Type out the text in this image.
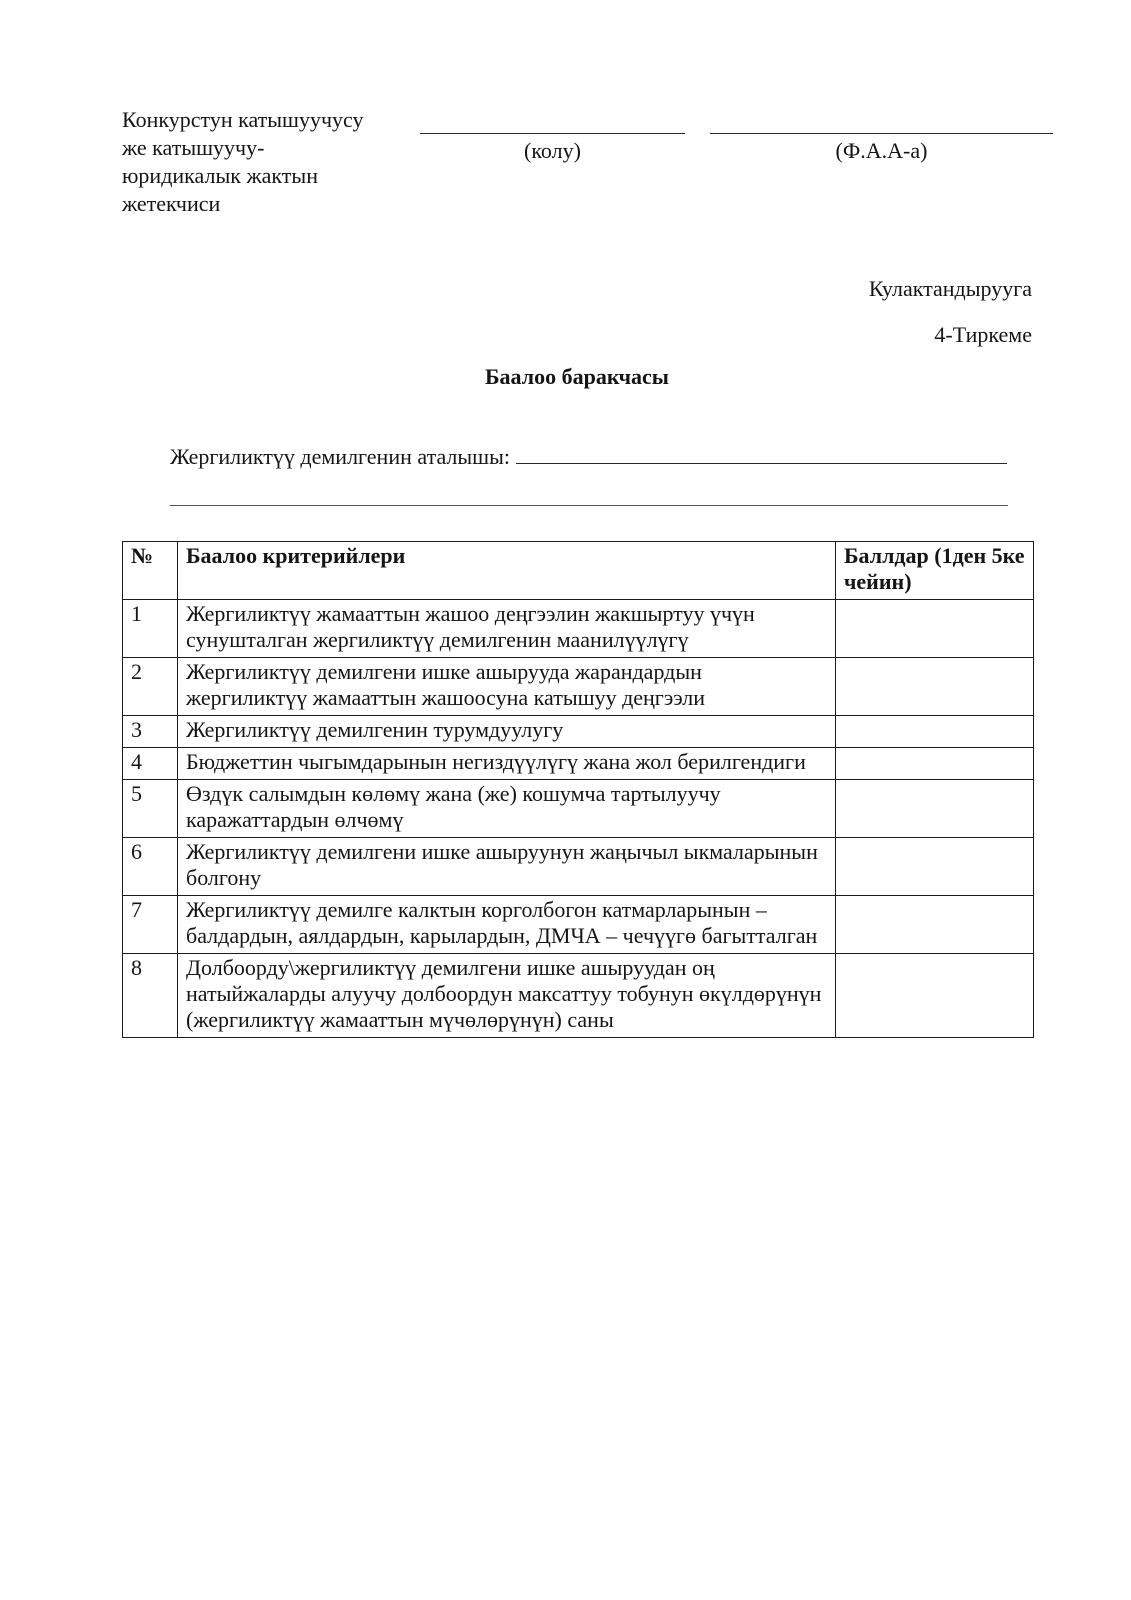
Конкурстун катышуучусу
же катышуучу-
юридикалык жактын
жетекчиси
(колу)	(Ф.А.А-а)
Кулактандырууга
4-Тиркеме
Баалоо баракчасы
Жергиликтүү демилгенин аталышы:
№	Баалоо критерийлери	Баллдар (1ден 5ке чейин)
1	Жергиликтүү жамааттын жашоо деңгээлин жакшыртуу үчүн сунушталган жергиликтүү демилгенин маанилүүлүгү	
2	Жергиликтүү демилгени ишке ашырууда жарандардын жергиликтүү жамааттын жашоосуна катышуу деңгээли	
3	Жергиликтүү демилгенин турумдуулугу	
4	Бюджеттин чыгымдарынын негиздүүлүгү жана жол берилгендиги	
5	Өздүк салымдын көлөмү жана (же) кошумча тартылуучу каражаттардын өлчөмү	
6	Жергиликтүү демилгени ишке ашыруунун жаңычыл ыкмаларынын болгону	
7	Жергиликтүү демилге калктын корголбогон катмарларынын – балдардын, аялдардын, карылардын, ДМЧА – чечүүгө багытталган	
8	Долбоорду\жергиликтүү демилгени ишке ашыруудан оң натыйжаларды алуучу долбоордун максаттуу тобунун өкүлдөрүнүн (жергиликтүү жамааттын мүчөлөрүнүн) саны	
